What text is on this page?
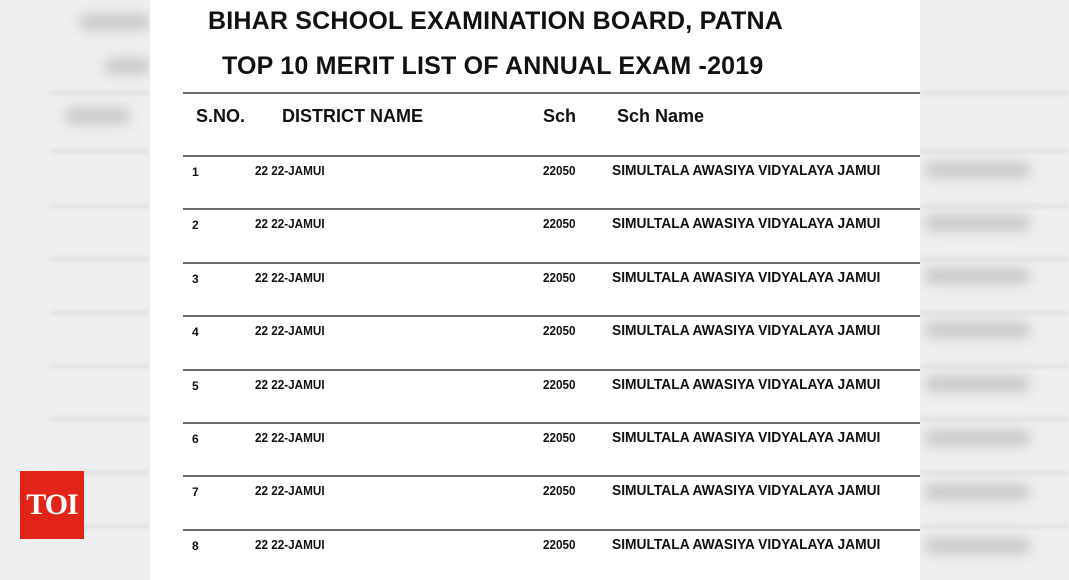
BIHAR SCHOOL EXAMINATION BOARD, PATNA
TOP 10 MERIT LIST OF ANNUAL EXAM -2019
S.NO. DISTRICT NAME	Sch Sch Name
1	22 22-JAMUI	22050 SIMULTALA AWASIYA VIDYALAYA JAMUI
2	22 22-JAMUI	22050 SIMULTALA AWASIYA VIDYALAYA JAMUI
3	22 22-JAMUI	22050 SIMULTALA AWASIYA VIDYALAYA JAMUI
4	22 22-JAMUI	22050 SIMULTALA AWASIYA VIDYALAYA JAMUI
5	22 22-JAMUI	22050 SIMULTALA AWASIYA VIDYALAYA JAMUI
6	22 22-JAMUI	22050 SIMULTALA AWASIYA VIDYALAYA JAMUI
7	22 22-JAMUI	22050 SIMULTALA AWASIYA VIDYALAYA JAMUI
8	22 22-JAMUI	22050 SIMULTALA AWASIYA VIDYALAYA JAMUI
TOI
